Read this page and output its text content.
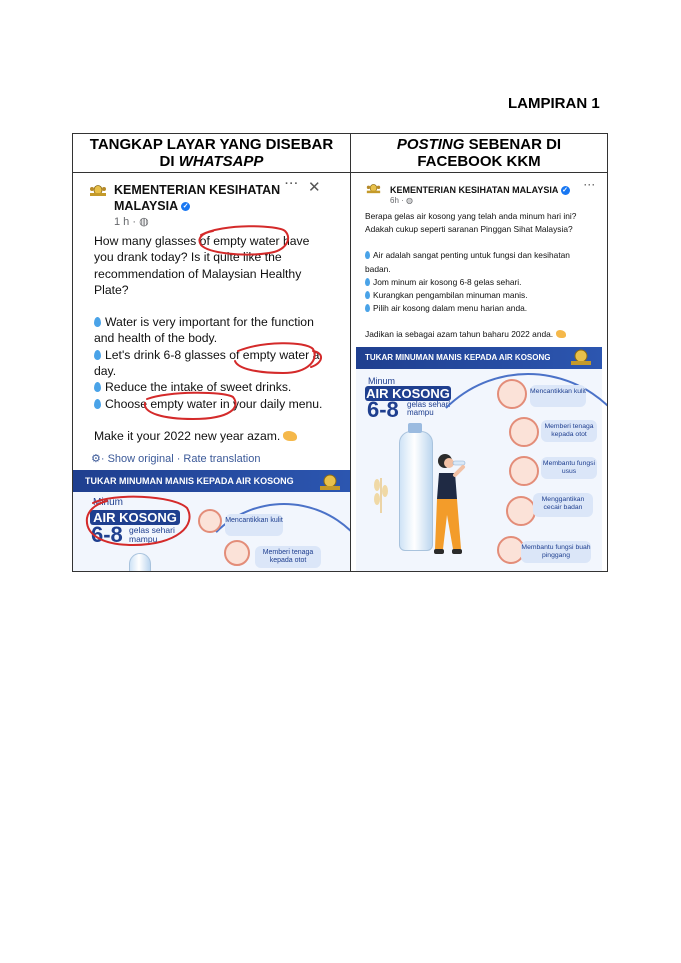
LAMPIRAN 1
TANGKAP LAYAR YANG DISEBAR
DI WHATSAPP
POSTING SEBENAR DI
FACEBOOK KKM
KEMENTERIAN KESIHATAN
MALAYSIA ✓
1 h · ◍
··· ✕
How many glasses of empty water have
you drank today? Is it quite like the
recommendation of Malaysian Healthy
Plate?
Water is very important for the function
and health of the body.
Let's drink 6-8 glasses of empty water a
day.
Reduce the intake of sweet drinks.
Choose empty water in your daily menu.
Make it your 2022 new year azam.
⚙· Show original · Rate translation
TUKAR MINUMAN MANIS KEPADA AIR KOSONG
Minum
AIR KOSONG
6-8 gelas sehari
mampu
Mencantikkan kulit
Memberi tenaga kepada otot
KEMENTERIAN KESIHATAN MALAYSIA ✓
6h · ◍
···
Berapa gelas air kosong yang telah anda minum hari ini?
Adakah cukup seperti saranan Pinggan Sihat Malaysia?
Air adalah sangat penting untuk fungsi dan kesihatan
badan.
Jom minum air kosong 6-8 gelas sehari.
Kurangkan pengambilan minuman manis.
Pilih air kosong dalam menu harian anda.
Jadikan ia sebagai azam tahun baharu 2022 anda.
TUKAR MINUMAN MANIS KEPADA AIR KOSONG
Minum
AIR KOSONG
6-8 gelas sehari
mampu
Mencantikkan kulit
Memberi tenaga kepada otot
Membantu fungsi usus
Menggantikan cecair badan
Membantu fungsi buah pinggang
